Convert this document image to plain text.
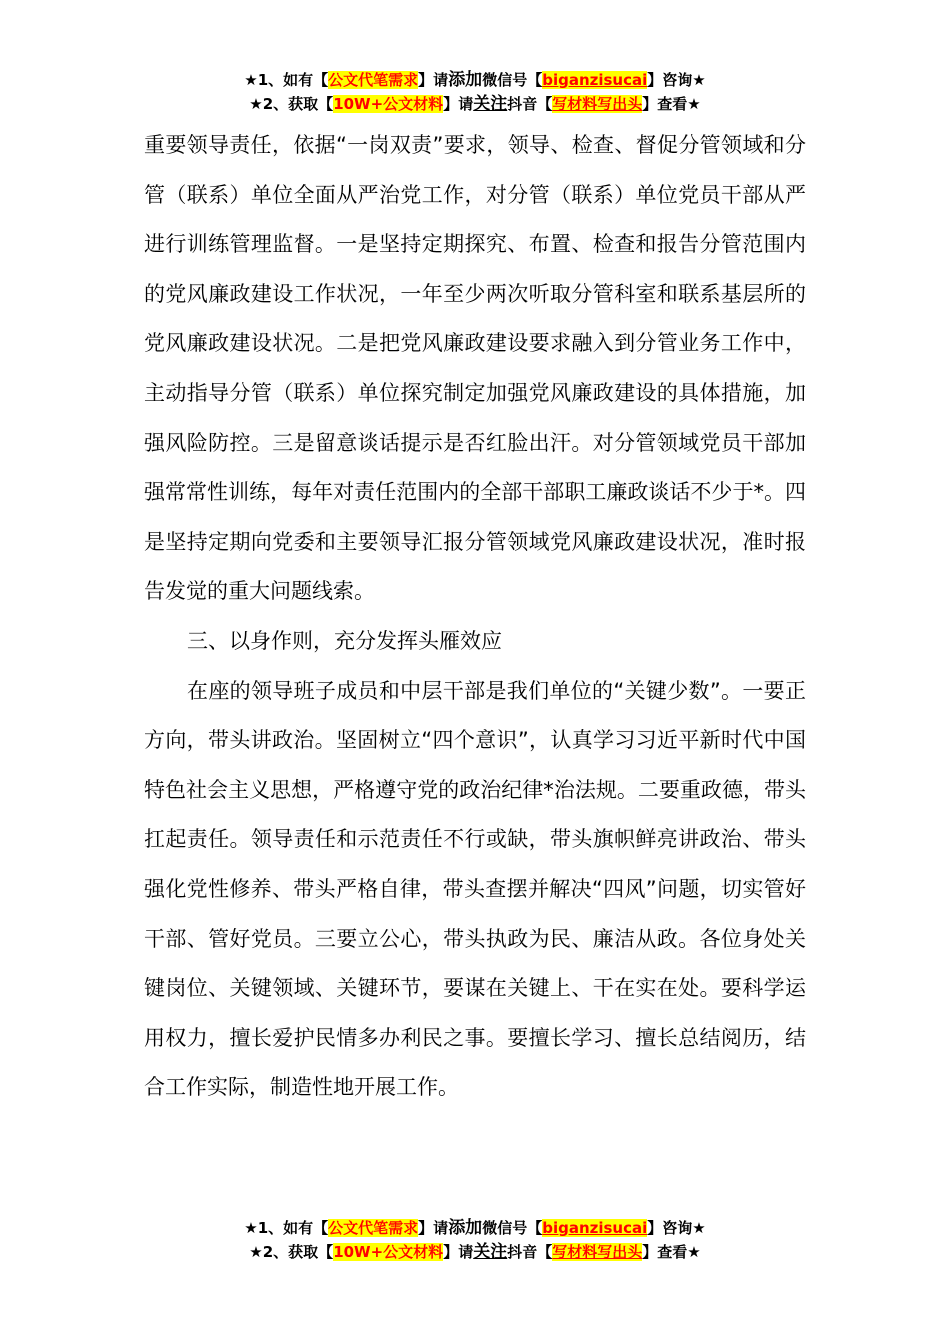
★1、如有【公文代笔需求】请添加微信号【biganzisucai】咨询★
★2、获取【10W+公文材料】请关注抖音【写材料写出头】查看★

重要领导责任，依据“一岗双责”要求，领导、检查、督促分管领域和分管（联系）单位全面从严治党工作，对分管（联系）单位党员干部从严进行训练管理监督。一是坚持定期探究、布置、检查和报告分管范围内的党风廉政建设工作状况，一年至少两次听取分管科室和联系基层所的党风廉政建设状况。二是把党风廉政建设要求融入到分管业务工作中，主动指导分管（联系）单位探究制定加强党风廉政建设的具体措施，加强风险防控。三是留意谈话提示是否红脸出汗。对分管领域党员干部加强常常性训练，每年对责任范围内的全部干部职工廉政谈话不少于*。四是坚持定期向党委和主要领导汇报分管领域党风廉政建设状况，准时报告发觉的重大问题线索。

三、以身作则，充分发挥头雁效应

在座的领导班子成员和中层干部是我们单位的“关键少数”。一要正方向，带头讲政治。坚固树立“四个意识”，认真学习习近平新时代中国特色社会主义思想，严格遵守党的政治纪律*治法规。二要重政德，带头扛起责任。领导责任和示范责任不行或缺，带头旗帜鲜亮讲政治、带头强化党性修养、带头严格自律，带头查摆并解决“四风”问题，切实管好干部、管好党员。三要立公心，带头执政为民、廉洁从政。各位身处关键岗位、关键领域、关键环节，要谋在关键上、干在实在处。要科学运用权力，擅长爱护民情多办利民之事。要擅长学习、擅长总结阅历，结合工作实际，制造性地开展工作。

★1、如有【公文代笔需求】请添加微信号【biganzisucai】咨询★
★2、获取【10W+公文材料】请关注抖音【写材料写出头】查看★
